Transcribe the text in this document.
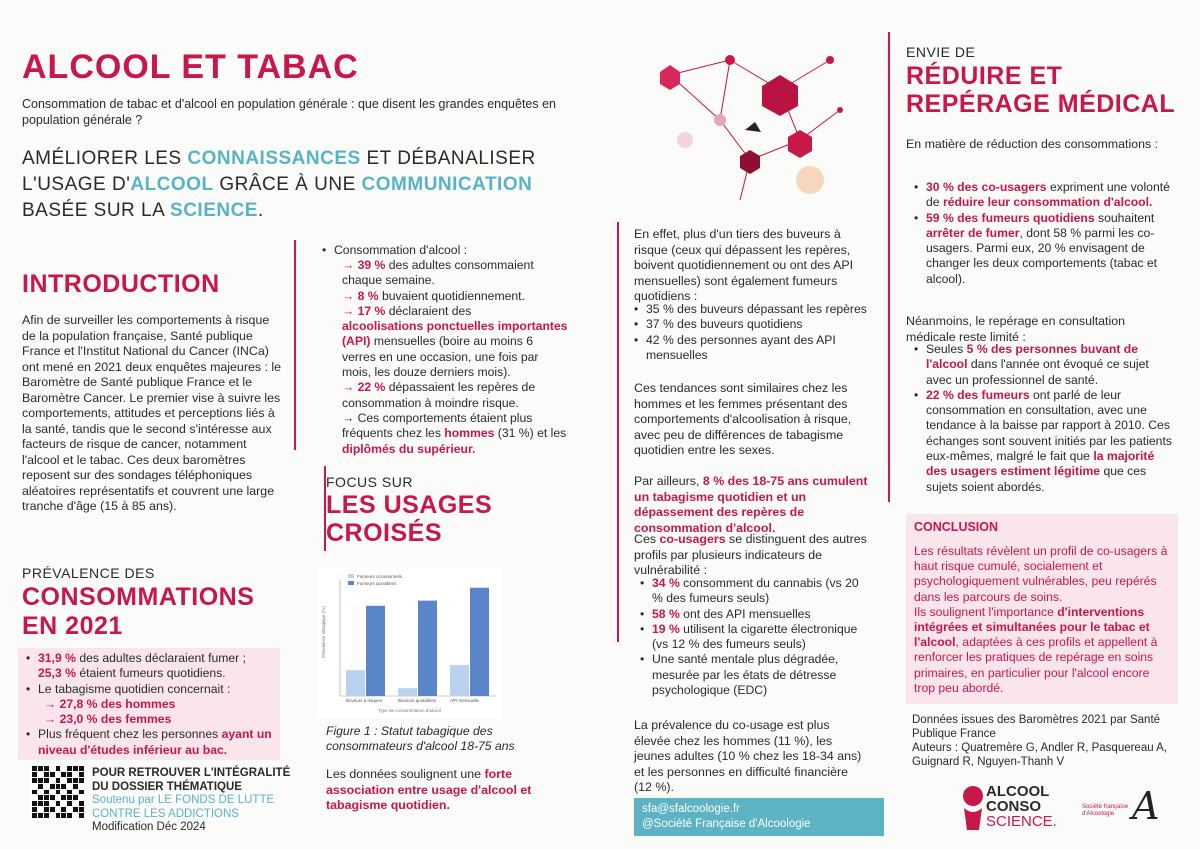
ALCOOL ET TABAC
Consommation de tabac et d'alcool en population générale : que disent les grandes enquêtes en population générale ?
AMÉLIORER LES CONNAISSANCES ET DÉBANALISER
L'USAGE D'ALCOOL GRÂCE À UNE COMMUNICATION
BASÉE SUR LA SCIENCE.
INTRODUCTION
Afin de surveiller les comportements à risque de la population française, Santé publique France et l'Institut National du Cancer (INCa) ont mené en 2021 deux enquêtes majeures : le Baromètre de Santé publique France et le Baromètre Cancer. Le premier vise à suivre les comportements, attitudes et perceptions liés à la santé, tandis que le second s'intéresse aux facteurs de risque de cancer, notamment l'alcool et le tabac. Ces deux baromètres reposent sur des sondages téléphoniques aléatoires représentatifs et couvrent une large tranche d'âge (15 à 85 ans).
PRÉVALENCE DES
CONSOMMATIONS
EN 2021
• 31,9 % des adultes déclaraient fumer ;
25,3 % étaient fumeurs quotidiens.
• Le tabagisme quotidien concernait :
→ 27,8 % des hommes
→ 23,0 % des femmes
• Plus fréquent chez les personnes ayant un niveau d'études inférieur au bac.
POUR RETROUVER L'INTÉGRALITÉ
DU DOSSIER THÉMATIQUE
Soutenu par LE FONDS DE LUTTE
CONTRE LES ADDICTIONS
Modification Déc 2024
• Consommation d'alcool :
→ 39 % des adultes consommaient chaque semaine.
→ 8 % buvaient quotidiennement.
→ 17 % déclaraient des
alcoolisations ponctuelles importantes (API) mensuelles (boire au moins 6 verres en une occasion, une fois par mois, les douze derniers mois).
→ 22 % dépassaient les repères de consommation à moindre risque.
→ Ces comportements étaient plus fréquents chez les hommes (31 %) et les diplômés du supérieur.
FOCUS SUR
LES USAGES
CROISÉS
Fumeurs occasionnels
Fumeurs quotidiens
Prévalence tabagique (%)
Type de consommation d'alcool
Buveurs à risques	Buveurs quotidiens	API mensuelle
Figure 1 : Statut tabagique des consommateurs d'alcool 18-75 ans
Les données soulignent une forte association entre usage d'alcool et tabagisme quotidien.
En effet, plus d'un tiers des buveurs à risque (ceux qui dépassent les repères, boivent quotidiennement ou ont des API mensuelles) sont également fumeurs quotidiens :
• 35 % des buveurs dépassant les repères
• 37 % des buveurs quotidiens
• 42 % des personnes ayant des API mensuelles
Ces tendances sont similaires chez les hommes et les femmes présentant des comportements d'alcoolisation à risque, avec peu de différences de tabagisme quotidien entre les sexes.
Par ailleurs, 8 % des 18-75 ans cumulent un tabagisme quotidien et un dépassement des repères de consommation d'alcool.
Ces co-usagers se distinguent des autres profils par plusieurs indicateurs de vulnérabilité :
• 34 % consomment du cannabis (vs 20 % des fumeurs seuls)
• 58 % ont des API mensuelles
• 19 % utilisent la cigarette électronique (vs 12 % des fumeurs seuls)
• Une santé mentale plus dégradée, mesurée par les états de détresse psychologique (EDC)
La prévalence du co-usage est plus élevée chez les hommes (11 %), les jeunes adultes (10 % chez les 18-34 ans) et les personnes en difficulté financière (12 %).
sfa@sfalcoologie.fr
@Société Française d'Alcoologie
ENVIE DE
RÉDUIRE ET
REPÉRAGE MÉDICAL
En matière de réduction des consommations :
• 30 % des co-usagers expriment une volonté de réduire leur consommation d'alcool.
• 59 % des fumeurs quotidiens souhaitent arrêter de fumer, dont 58 % parmi les co-usagers. Parmi eux, 20 % envisagent de changer les deux comportements (tabac et alcool).
Néanmoins, le repérage en consultation médicale reste limité :
• Seules 5 % des personnes buvant de l'alcool dans l'année ont évoqué ce sujet avec un professionnel de santé.
• 22 % des fumeurs ont parlé de leur consommation en consultation, avec une tendance à la baisse par rapport à 2010. Ces échanges sont souvent initiés par les patients eux-mêmes, malgré le fait que la majorité des usagers estiment légitime que ces sujets soient abordés.
CONCLUSION

Les résultats révèlent un profil de co-usagers à haut risque cumulé, socialement et psychologiquement vulnérables, peu repérés dans les parcours de soins.

Ils soulignent l'importance d'interventions intégrées et simultanées pour le tabac et l'alcool, adaptées à ces profils et appellent à renforcer les pratiques de repérage en soins primaires, en particulier pour l'alcool encore trop peu abordé.

Données issues des Baromètres 2021 par Santé Publique France
Auteurs : Quatremère G, Andler R, Pasquereau A, Guignard R, Nguyen-Thanh V
ALCOOL
CONSO
SCIENCE. A
Société française d'Alcoologie
